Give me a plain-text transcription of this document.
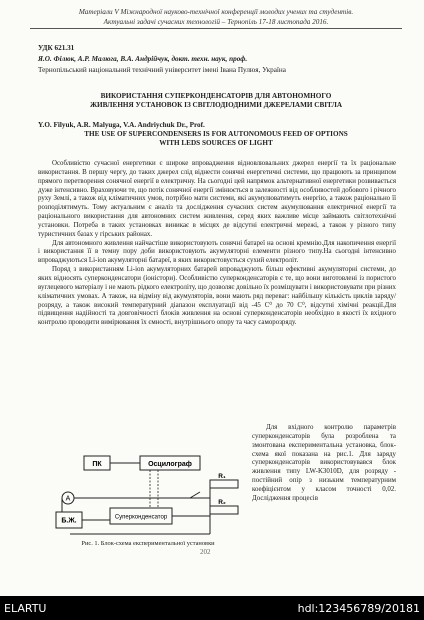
Матеріали V Міжнародної науково-технічної конференції молодих учених та студентів.
Актуальні задачі сучасних технологій – Тернопіль 17-18 листопада 2016.
УДК 621.31
Я.О. Філюк, А.Р. Малюга, В.А. Андрійчук, докт. техн. наук, проф.
Тернопільський національний технічний університет імені Івана Пулюя, Україна
ВИКОРИСТАННЯ СУПЕРКОНДЕНСАТОРІВ ДЛЯ АВТОНОМНОГО
ЖИВЛЕННЯ УСТАНОВОК ІЗ СВІТЛОДІОДНИМИ ДЖЕРЕЛАМИ СВІТЛА
Y.O. Filyuk, A.R. Malyuga, V.A. Andriychuk Dr., Prof.
THE USE OF SUPERCONDENSERS IS FOR AUTONOMOUS FEED OF OPTIONS
WITH LEDS SOURCES OF LIGHT

Особливістю сучасної енергетики є широке впровадження відновлювальних джерел енергії та їх раціональне використання. В першу чергу, до таких джерел слід віднести сонячні енергетичні системи, що працюють за принципом прямого перетворення сонячної енергії в електричну. На сьогодні цей напрямок альтернативної енергетики розвивається дуже інтенсивно. Враховуючи те, що потік сонячної енергії змінюється в залежності від особливостей добового і річного руху Землі, а також від кліматичних умов, потрібно мати системи, які акумулюватимуть енергію, а також раціонально її розподілятимуть. Тому актуальним є аналіз та дослідження сучасних систем акумулювання електричної енергії та раціонального використання для автономних систем живлення, серед яких важливе місце займають світлотехнічні установки. Потреба в таких установках виникає в місцях де відсутні електричні мережі, а також у різного типу туристичних базах у гірських районах.

Для автономного живлення найчастіше використовують сонячні батареї на основі кремнію.Для накопичення енергії і використання її в темну пору доби використовують акумуляторні елементи різного типу.На сьогодні інтенсивно впроваджуються Li-ion акумуляторні батареї, в яких використовується сухий електроліт.

Поряд з використанням Li-ion акумуляторних батарей впроваджують більш ефективні акумуляторні системи, до яких відносять суперконденсатори (іоністори). Особливістю суперконденсаторів є те, що вони виготовлені із пористого вуглецевого матеріалу і не мають рідкого електроліту, що дозволяє довільно їх розміщувати і використовувати при різних кліматичних умовах. А також, на відміну від акумуляторів, вони мають ряд переваг: найбільшу кількість циклів заряду/розряду, а також високий температурний діапазон експлуатації від -45 С⁰ до 70 С⁰, відсутні хімічні реакції.Для підвищення надійності та довговічності блоків живлення на основі суперконденсаторів необхідно в якості їх вхідного контролю проводити вимірювання їх ємності, внутрішнього опору та часу саморозряду.

ПК	Осцилограф
A
Б.Ж.	Суперконденсатор
R₁
R₂
Рис. 1. Блок-схема експериментальної установки

Для вхідного контролю параметрів суперконденсаторів була розроблена та змонтована експериментальна установка, блок-схема якої показана на рис.1. Для заряду суперконденсаторів використовувався блок живлення типу LW-K3010D, для розряду - постійний опір з низьким температурним коефіцієнтом у класом точності 0,02. Дослідження процесів

202
ELARTU	hdl:123456789/20181
